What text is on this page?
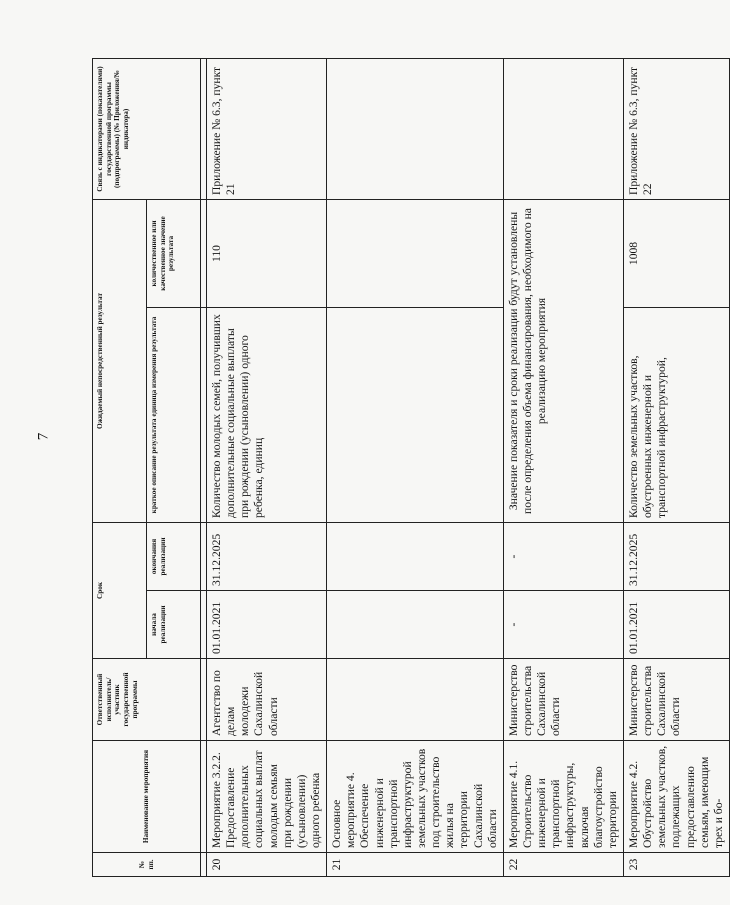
7
№ пп.	Наименование мероприятия	Ответственный исполнитель/участник государственной программы	Срок		Ожидаемый непосредственный результат		Связь с индикаторами (показателями) государственной программы (подпрограммы) (№ Приложения/№ индикатора)
			начала реализации	окончания реализации	краткое описание результата единица измерения результата	количественное или качественное значение результата	

20	Мероприятие 3.2.2. Предоставление дополнительных социальных выплат молодым семьям при рождении (усыновлении) одного ребенка	Агентство по делам молодежи Сахалинской области	01.01.2021	31.12.2025	Количество молодых семей, получивших дополнительные социальные выплаты при рождении (усыновлении) одного ребенка, единиц	110	Приложение № 6.3, пункт 21
21	Основное мероприятие 4. Обеспечение инженерной и транспортной инфраструктурой земельных участков под строительство жилья на территории Сахалинской области						
22	Мероприятие 4.1. Строительство инженерной и транспортной инфраструктуры, включая благоустройство территории	Министерство строительства Сахалинской области	-	-	Значение показателя и сроки реализации будут установлены после определения объема финансирования, необходимого на реализацию мероприятия		
23	Мероприятие 4.2. Обустройство земельных участков, подлежащих предоставлению семьям, имеющим трех и бо-	Министерство строительства Сахалинской области	01.01.2021	31.12.2025	Количество земельных участков, обустроенных инженерной и транспортной инфраструктурой,	1008	Приложение № 6.3, пункт 22
